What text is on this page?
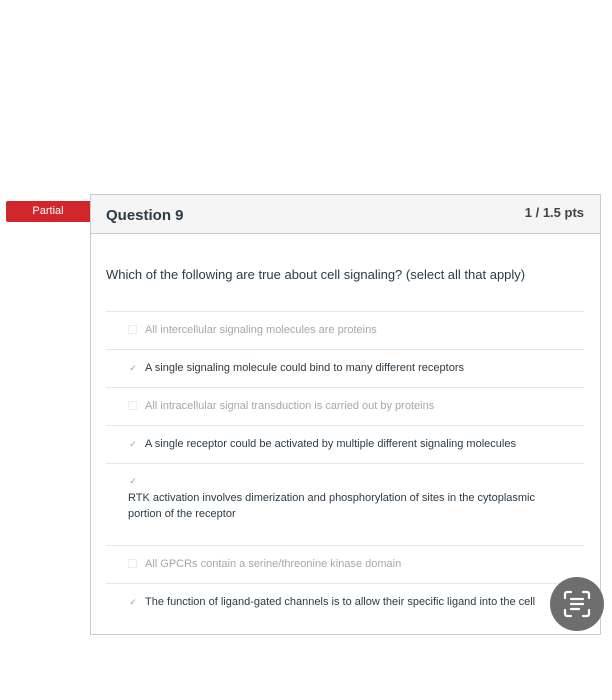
Partial	Question 9	1 / 1.5 pts
Which of the following are true about cell signaling? (select all that apply)
All intercellular signaling molecules are proteins
✓ A single signaling molecule could bind to many different receptors
All intracellular signal transduction is carried out by proteins
✓ A single receptor could be activated by multiple different signaling molecules
✓
RTK activation involves dimerization and phosphorylation of sites in the cytoplasmic portion of the receptor
All GPCRs contain a serine/threonine kinase domain
✓ The function of ligand-gated channels is to allow their specific ligand into the cell
